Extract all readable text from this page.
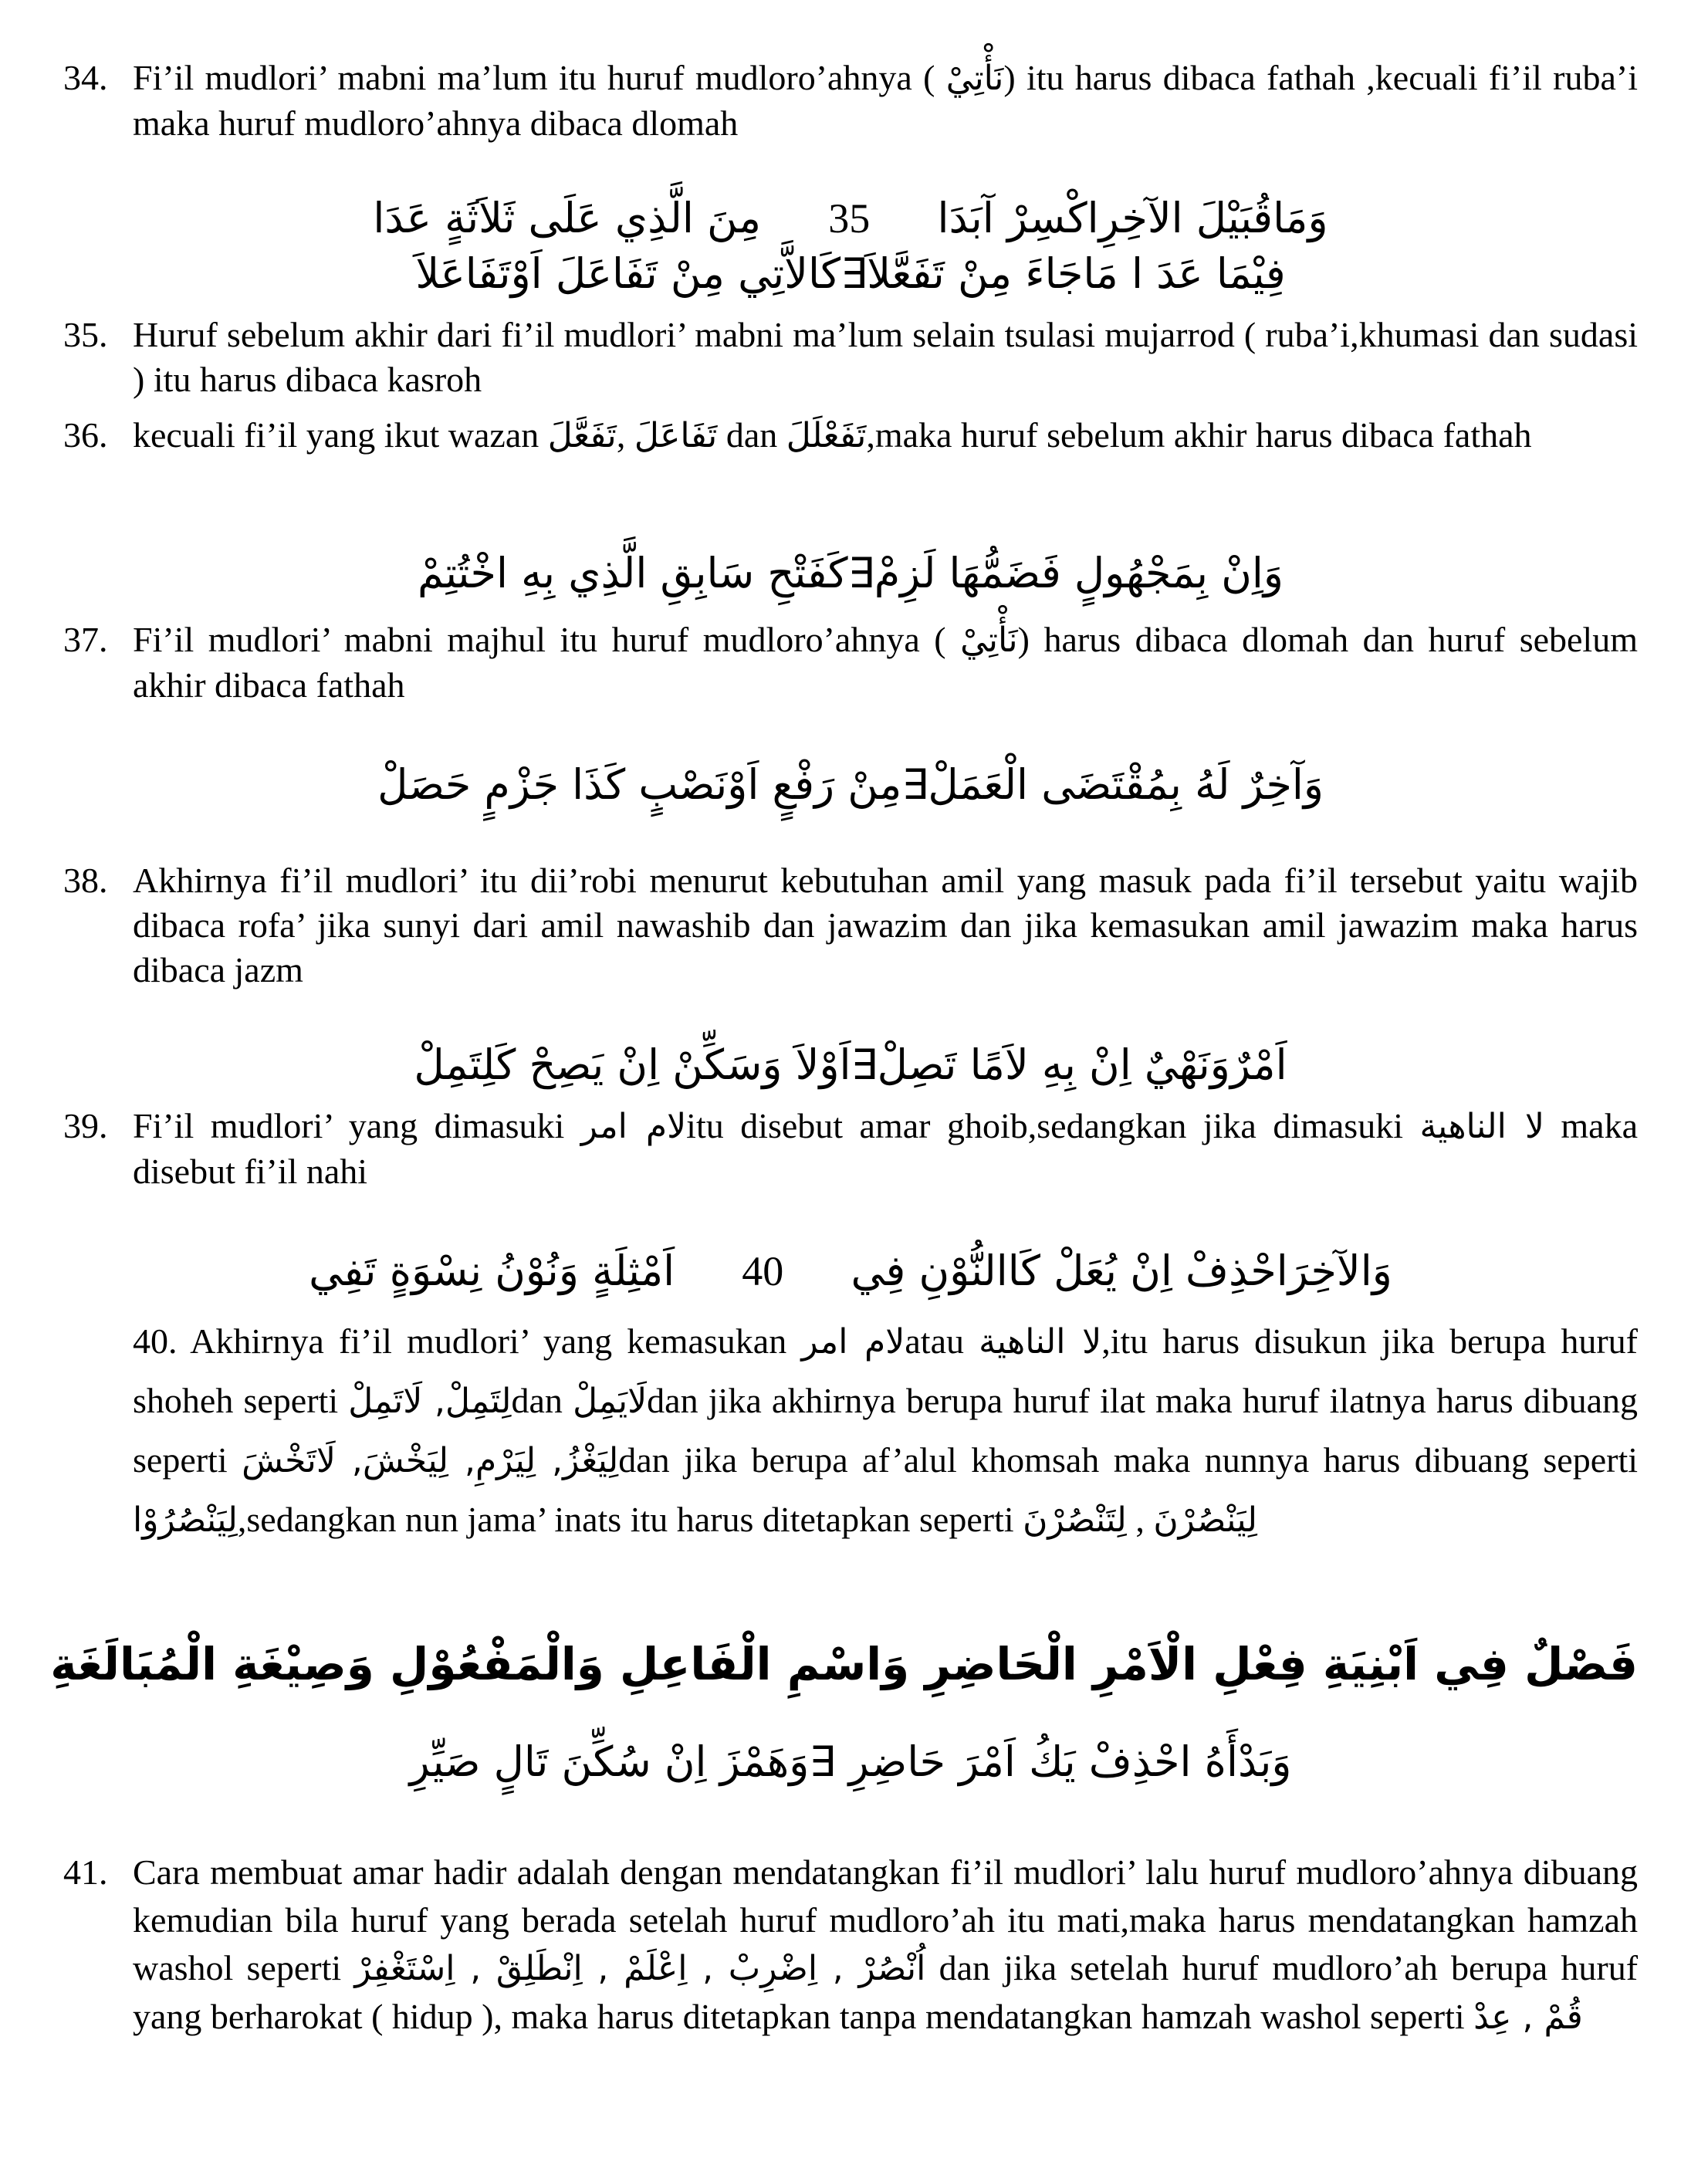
34. Fi’il mudlori’ mabni ma’lum itu huruf mudloro’ahnya ( نَأْتِيْ) itu harus dibaca fathah ,kecuali fi’il ruba’i maka huruf mudloro’ahnya dibaca dlomah
وَمَاقُبَيْلَ الآخِرِاكْسِرْ آبَدَا 35 مِنَ الَّذِي عَلَى ثَلاَثَةٍ عَدَا
فِيْمَا عَدَ ا مَاجَاءَ مِنْ تَفَعَّلاَ∃كَالاَّتِي مِنْ تَفَاعَلَ اَوْتَفَاعَلاَ
35. Huruf sebelum akhir dari fi’il mudlori’ mabni ma’lum selain tsulasi mujarrod ( ruba’i,khumasi dan sudasi ) itu harus dibaca kasroh
36. kecuali fi’il yang ikut wazan تَفَعَّلَ, تَفَاعَلَ dan تَفَعْلَلَ,maka huruf sebelum akhir harus dibaca fathah
وَاِنْ بِمَجْهُولٍ فَضَمُّهَا لَزِمْ∃كَفَتْحِ سَابِقِ الَّذِي بِهِ اخْتُتِمْ
37. Fi’il mudlori’ mabni majhul itu huruf mudloro’ahnya ( نَأْتِيْ) harus dibaca dlomah dan huruf sebelum akhir dibaca fathah
وَآخِرٌ لَهُ بِمُقْتَضَى الْعَمَلْ∃مِنْ رَفْعٍ اَوْنَصْبٍ كَذَا جَزْمٍ حَصَلْ
38. Akhirnya fi’il mudlori’ itu dii’robi menurut kebutuhan amil yang masuk pada fi’il tersebut yaitu wajib dibaca rofa’ jika sunyi dari amil nawashib dan jawazim dan jika kemasukan amil jawazim maka harus dibaca jazm
اَمْرٌوَنَهْيٌ اِنْ بِهِ لاَمًا تَصِلْ∃اَوْلاَ وَسَكِّنْ اِنْ يَصِحْ كَلِتَمِلْ
39. Fi’il mudlori’ yang dimasuki لام امرitu disebut amar ghoib,sedangkan jika dimasuki لا الناهية maka disebut fi’il nahi
وَالآخِرَاحْذِفْ اِنْ يُعَلْ كَاالنُّوْنِ فِي 40 اَمْثِلَةٍ وَنُوْنُ نِسْوَةٍ تَفِي
40. Akhirnya fi’il mudlori’ yang kemasukan لام امرatau لا الناهية,itu harus disukun jika berupa huruf shoheh seperti لِتَمِلْ, لَاتَمِلْdan لَايَمِلْdan jika akhirnya berupa huruf ilat maka huruf ilatnya harus dibuang seperti لِيَغْزُ, لِيَرْمِ, لِيَخْشَ, لَاتَخْشَdan jika berupa af’alul khomsah maka nunnya harus dibuang seperti لِيَنْصُرُوْا,sedangkan nun jama’ inats itu harus ditetapkan seperti لِتَنْصُرْنَ , لِيَنْصُرْنَ
فَصْلٌ فِي اَبْنِيَةِ فِعْلِ الْاَمْرِ الْحَاضِرِ وَاسْمِ الْفَاعِلِ وَالْمَفْعُوْلِ وَصِيْغَةِ الْمُبَالَغَةِ
وَبَدْأَهُ احْذِفْ يَكُ اَمْرَ حَاضِرِ ∃وَهَمْزَ اِنْ سُكِّنَ تَالٍ صَيِّرِ
41. Cara membuat amar hadir adalah dengan mendatangkan fi’il mudlori’ lalu huruf mudloro’ahnya dibuang kemudian bila huruf yang berada setelah huruf mudloro’ah itu mati,maka harus mendatangkan hamzah washol seperti اُنْصُرْ , اِضْرِبْ , اِعْلَمْ , اِنْطَلِقْ , اِسْتَغْفِرْ dan jika setelah huruf mudloro’ah berupa huruf yang berharokat ( hidup ), maka harus ditetapkan tanpa mendatangkan hamzah washol seperti قُمْ , عِدْ
